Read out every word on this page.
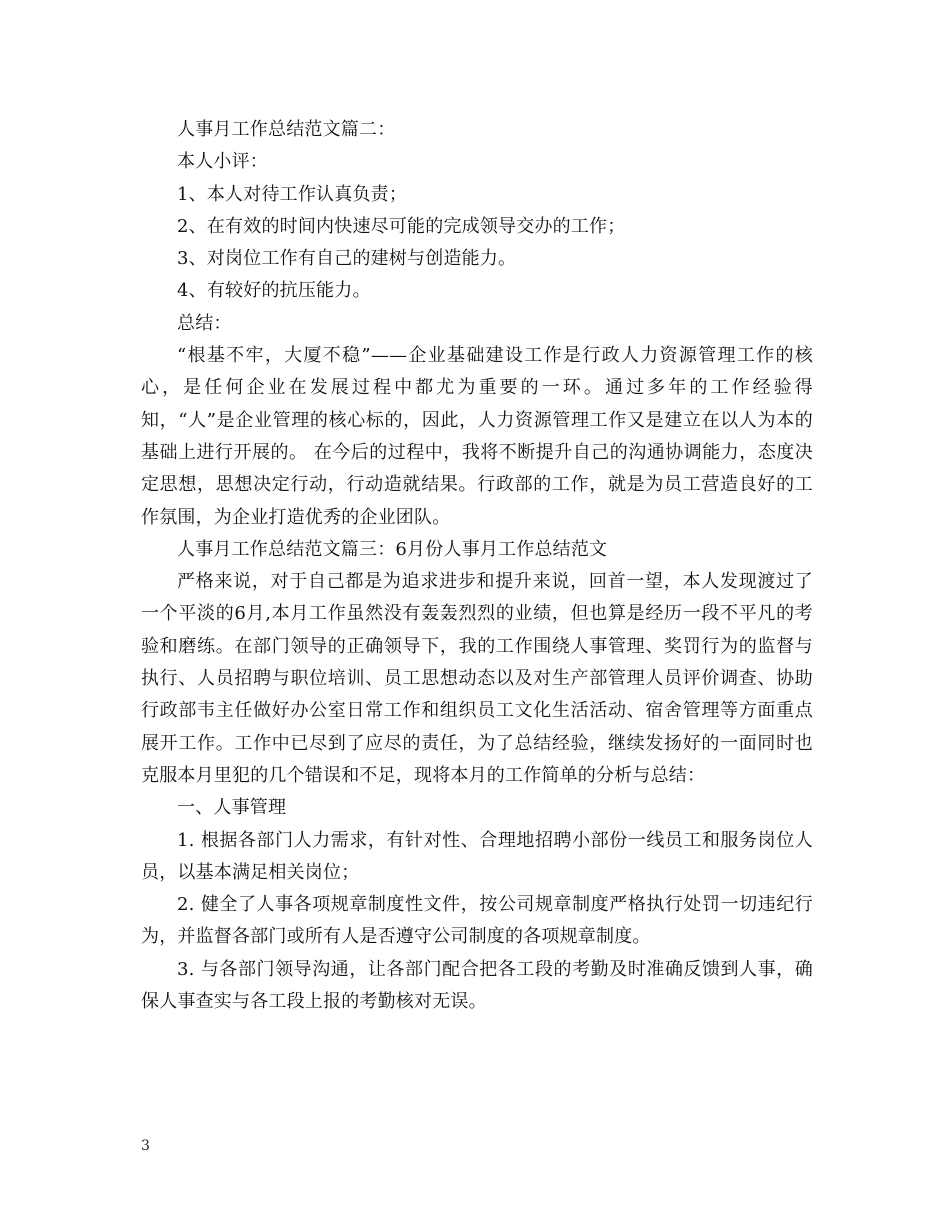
人事月工作总结范文篇二：

本人小评：

1、本人对待工作认真负责；

2、在有效的时间内快速尽可能的完成领导交办的工作；

3、对岗位工作有自己的建树与创造能力。

4、有较好的抗压能力。

总结：

“根基不牢，大厦不稳”——企业基础建设工作是行政人力资源管理工作的核心，是任何企业在发展过程中都尤为重要的一环。通过多年的工作经验得知，“人”是企业管理的核心标的，因此，人力资源管理工作又是建立在以人为本的基础上进行开展的。 在今后的过程中，我将不断提升自己的沟通协调能力，态度决定思想，思想决定行动，行动造就结果。行政部的工作，就是为员工营造良好的工作氛围，为企业打造优秀的企业团队。

人事月工作总结范文篇三：6月份人事月工作总结范文

严格来说，对于自己都是为追求进步和提升来说，回首一望，本人发现渡过了一个平淡的6月,本月工作虽然没有轰轰烈烈的业绩，但也算是经历一段不平凡的考验和磨练。在部门领导的正确领导下，我的工作围绕人事管理、奖罚行为的监督与执行、人员招聘与职位培训、员工思想动态以及对生产部管理人员评价调查、协助行政部韦主任做好办公室日常工作和组织员工文化生活活动、宿舍管理等方面重点展开工作。工作中已尽到了应尽的责任，为了总结经验，继续发扬好的一面同时也克服本月里犯的几个错误和不足，现将本月的工作简单的分析与总结：

一、人事管理

1. 根据各部门人力需求，有针对性、合理地招聘小部份一线员工和服务岗位人员，以基本满足相关岗位；

2. 健全了人事各项规章制度性文件，按公司规章制度严格执行处罚一切违纪行为，并监督各部门或所有人是否遵守公司制度的各项规章制度。

3. 与各部门领导沟通，让各部门配合把各工段的考勤及时准确反馈到人事，确保人事查实与各工段上报的考勤核对无误。

3
